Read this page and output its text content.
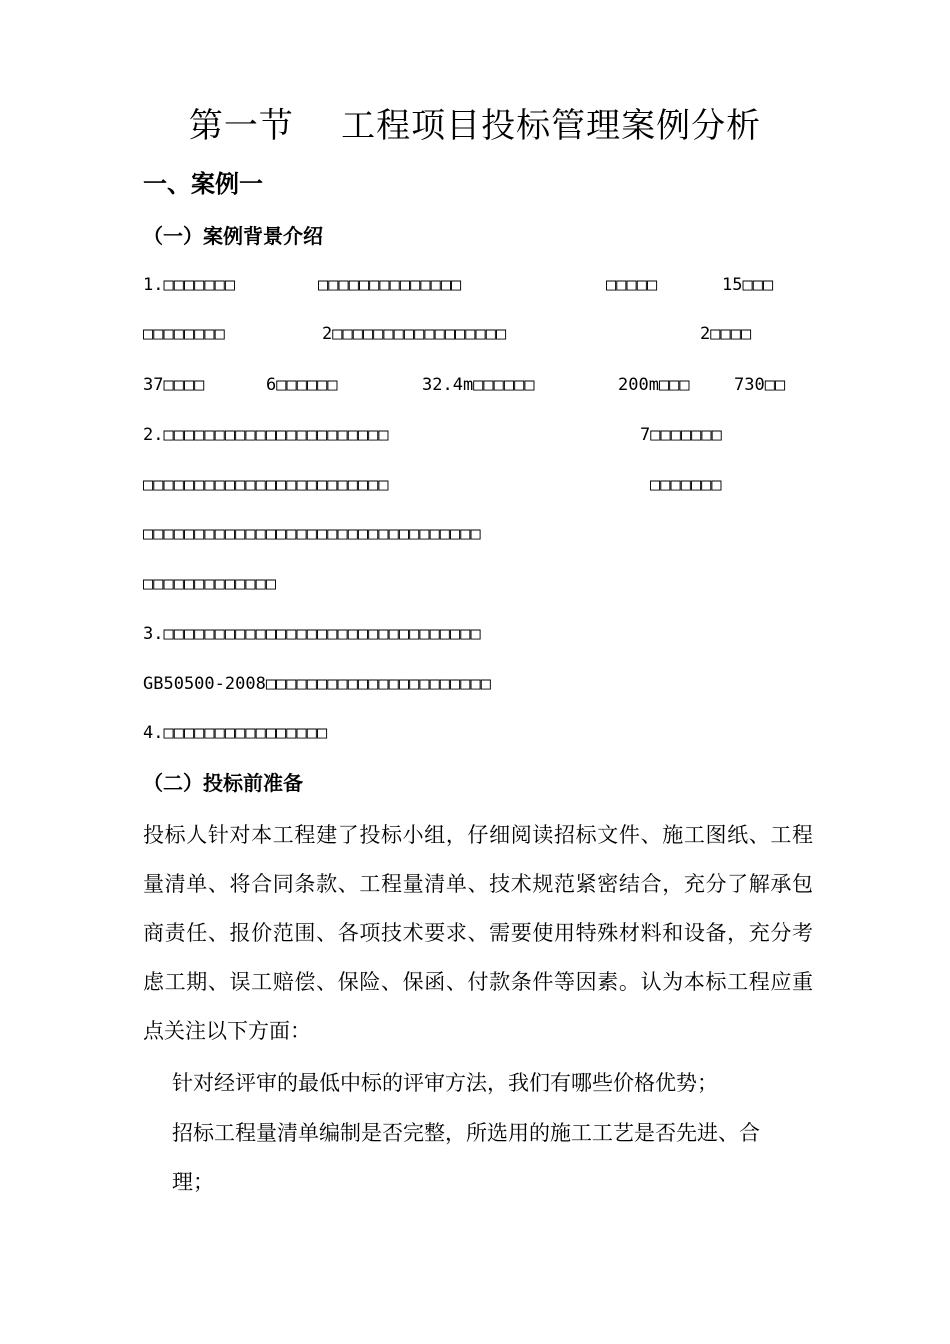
第一节    工程项目投标管理案例分析
一、案例一
（一）案例背景介绍
1.□□□□□□□	□□□□□□□□□□□□□□	□□□□□	15□□□
□□□□□□□□	2□□□□□□□□□□□□□□□□□	2□□□□
37□□□□	6□□□□□□	32.4m□□□□□□	200m□□□	730□□
2.□□□□□□□□□□□□□□□□□□□□□□	7□□□□□□□
□□□□□□□□□□□□□□□□□□□□□□□□	□□□□□□□
□□□□□□□□□□□□□□□□□□□□□□□□□□□□□□□□□
□□□□□□□□□□□□□
3.□□□□□□□□□□□□□□□□□□□□□□□□□□□□□□□
GB50500-2008□□□□□□□□□□□□□□□□□□□□□□
4.□□□□□□□□□□□□□□□□
（二）投标前准备
投标人针对本工程建了投标小组，仔细阅读招标文件、施工图纸、工程量清单、将合同条款、工程量清单、技术规范紧密结合，充分了解承包商责任、报价范围、各项技术要求、需要使用特殊材料和设备，充分考虑工期、误工赔偿、保险、保函、付款条件等因素。认为本标工程应重点关注以下方面：
针对经评审的最低中标的评审方法，我们有哪些价格优势；
招标工程量清单编制是否完整，所选用的施工工艺是否先进、合
理；
